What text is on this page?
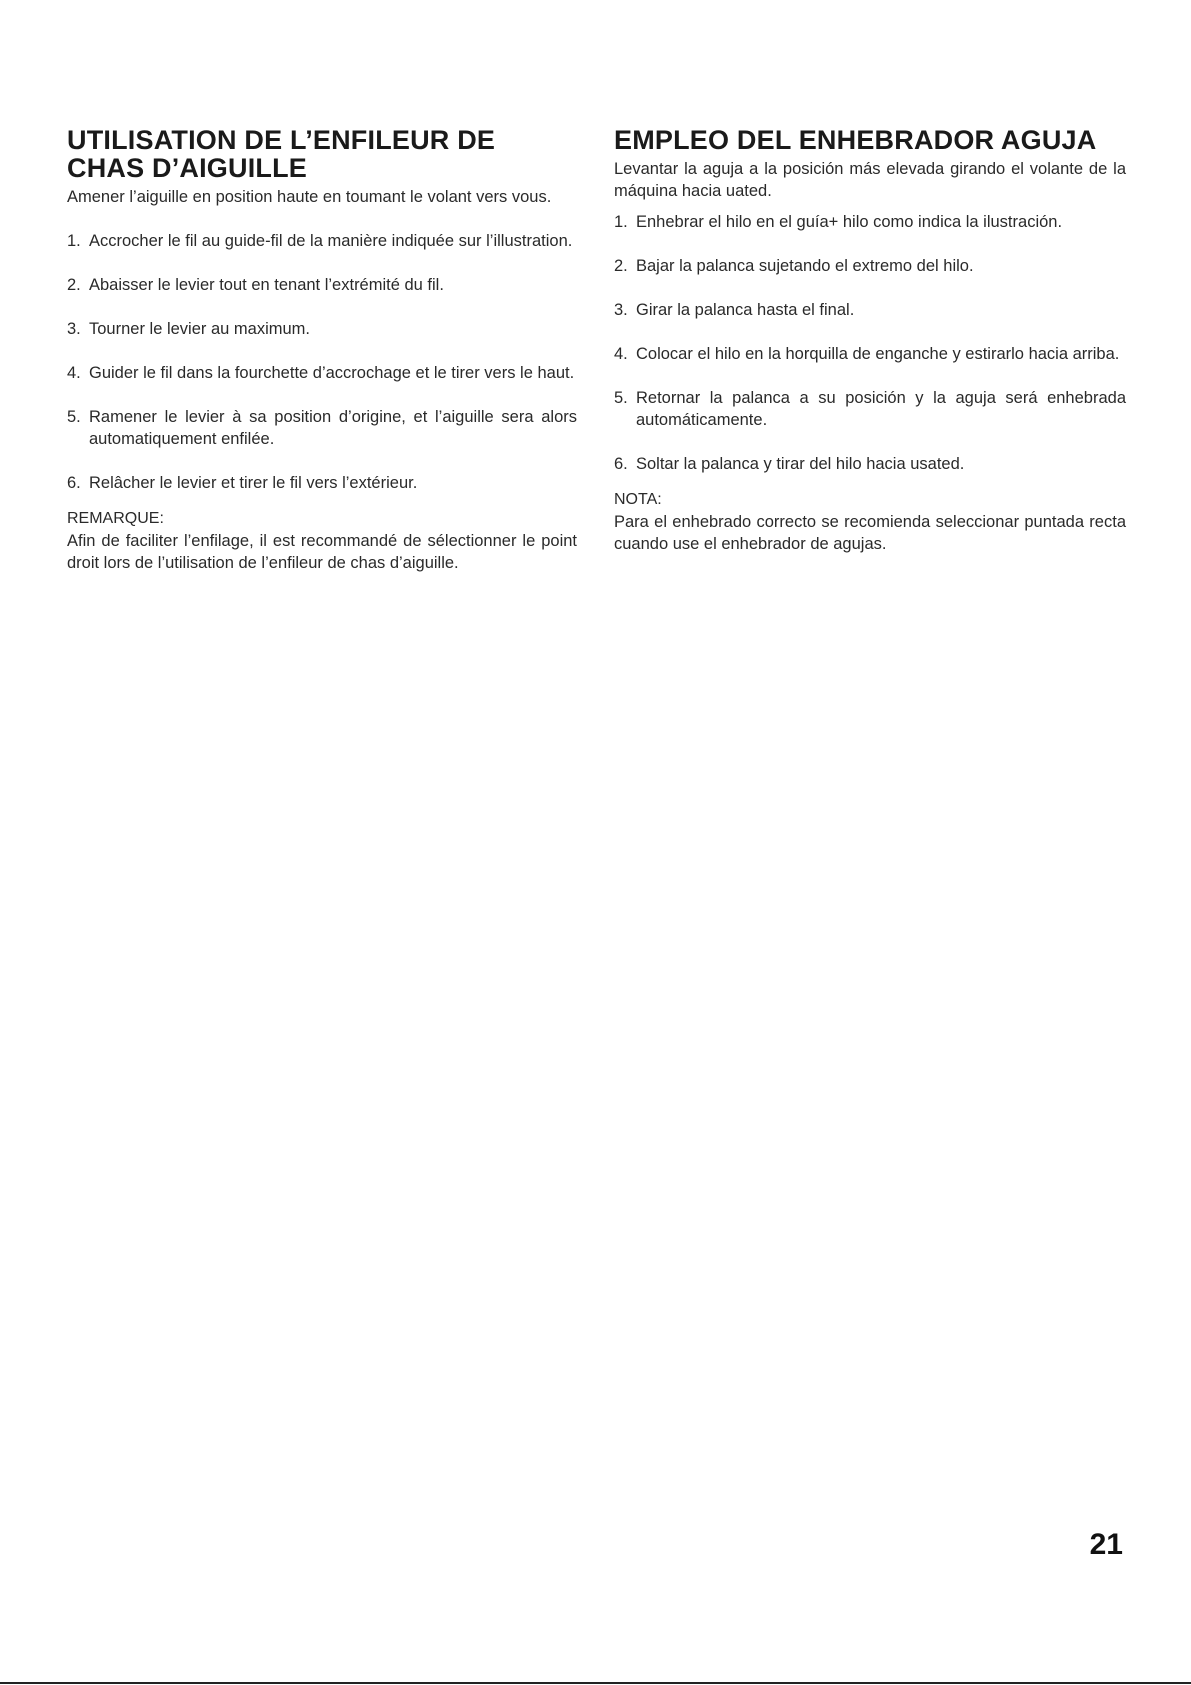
UTILISATION DE L’ENFILEUR DE CHAS D’AIGUILLE

Amener l’aiguille en position haute en toumant le volant vers vous.

1. Accrocher le fil au guide-fil de la manière indiquée sur l’illustration.
2. Abaisser le levier tout en tenant l’extrémité du fil.
3. Tourner le levier au maximum.
4. Guider le fil dans la fourchette d’accrochage et le tirer vers le haut.
5. Ramener le levier à sa position d’origine, et l’aiguille sera alors automatiquement enfilée.
6. Relâcher le levier et tirer le fil vers l’extérieur.

REMARQUE:

Afin de faciliter l’enfilage, il est recommandé de sélectionner le point droit lors de l’utilisation de l’enfileur de chas d’aiguille.

EMPLEO DEL ENHEBRADOR AGUJA

Levantar la aguja a la posición más elevada girando el volante de la máquina hacia uated.

1. Enhebrar el hilo en el guía+ hilo como indica la ilustración.
2. Bajar la palanca sujetando el extremo del hilo.
3. Girar la palanca hasta el final.
4. Colocar el hilo en la horquilla de enganche y estirarlo hacia arriba.
5. Retornar la palanca a su posición y la aguja será enhebrada automáticamente.
6. Soltar la palanca y tirar del hilo hacia usated.

NOTA:

Para el enhebrado correcto se recomienda seleccionar puntada recta cuando use el enhebrador de agujas.

21
